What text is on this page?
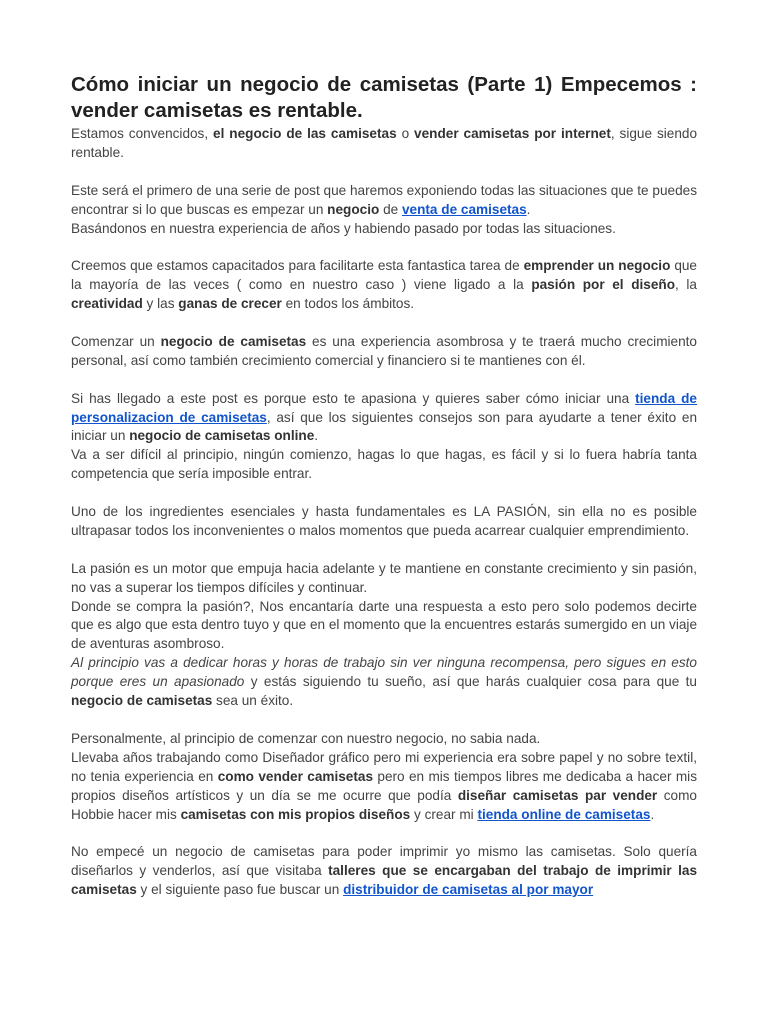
Cómo iniciar un negocio de camisetas (Parte 1) Empecemos : vender camisetas es rentable.

Estamos convencidos, el negocio de las camisetas o vender camisetas por internet, sigue siendo rentable.

Este será el primero de una serie de post que haremos exponiendo todas las situaciones que te puedes encontrar si lo que buscas es empezar un negocio de venta de camisetas.

Basándonos en nuestra experiencia de años y habiendo pasado por todas las situaciones.

Creemos que estamos capacitados para facilitarte esta fantastica tarea de emprender un negocio que la mayoría de las veces ( como en nuestro caso ) viene ligado a la pasión por el diseño, la creatividad y las ganas de crecer en todos los ámbitos.

Comenzar un negocio de camisetas es una experiencia asombrosa y te traerá mucho crecimiento personal, así como también crecimiento comercial y financiero si te mantienes con él.

Si has llegado a este post es porque esto te apasiona y quieres saber cómo iniciar una tienda de personalizacion de camisetas, así que los siguientes consejos son para ayudarte a tener éxito en iniciar un negocio de camisetas online.

Va a ser difícil al principio, ningún comienzo, hagas lo que hagas, es fácil y si lo fuera habría tanta competencia que sería imposible entrar.

Uno de los ingredientes esenciales y hasta fundamentales es LA PASIÓN, sin ella no es posible ultrapasar todos los inconvenientes o malos momentos que pueda acarrear cualquier emprendimiento.

La pasión es un motor que empuja hacia adelante y te mantiene en constante crecimiento y sin pasión, no vas a superar los tiempos difíciles y continuar.

Donde se compra la pasión?, Nos encantaría darte una respuesta a esto pero solo podemos decirte que es algo que esta dentro tuyo y que en el momento que la encuentres estarás sumergido en un viaje de aventuras asombroso.

Al principio vas a dedicar horas y horas de trabajo sin ver ninguna recompensa, pero sigues en esto porque eres un apasionado y estás siguiendo tu sueño, así que harás cualquier cosa para que tu negocio de camisetas sea un éxito.

Personalmente, al principio de comenzar con nuestro negocio, no sabia nada.

Llevaba años trabajando como Diseñador gráfico pero mi experiencia era sobre papel y no sobre textil, no tenia experiencia en como vender camisetas pero en mis tiempos libres me dedicaba a hacer mis propios diseños artísticos y un día se me ocurre que podía diseñar camisetas par vender como Hobbie hacer mis camisetas con mis propios diseños y crear mi tienda online de camisetas.

No empecé un negocio de camisetas para poder imprimir yo mismo las camisetas. Solo quería diseñarlos y venderlos, así que visitaba talleres que se encargaban del trabajo de imprimir las camisetas y el siguiente paso fue buscar un distribuidor de camisetas al por mayor
